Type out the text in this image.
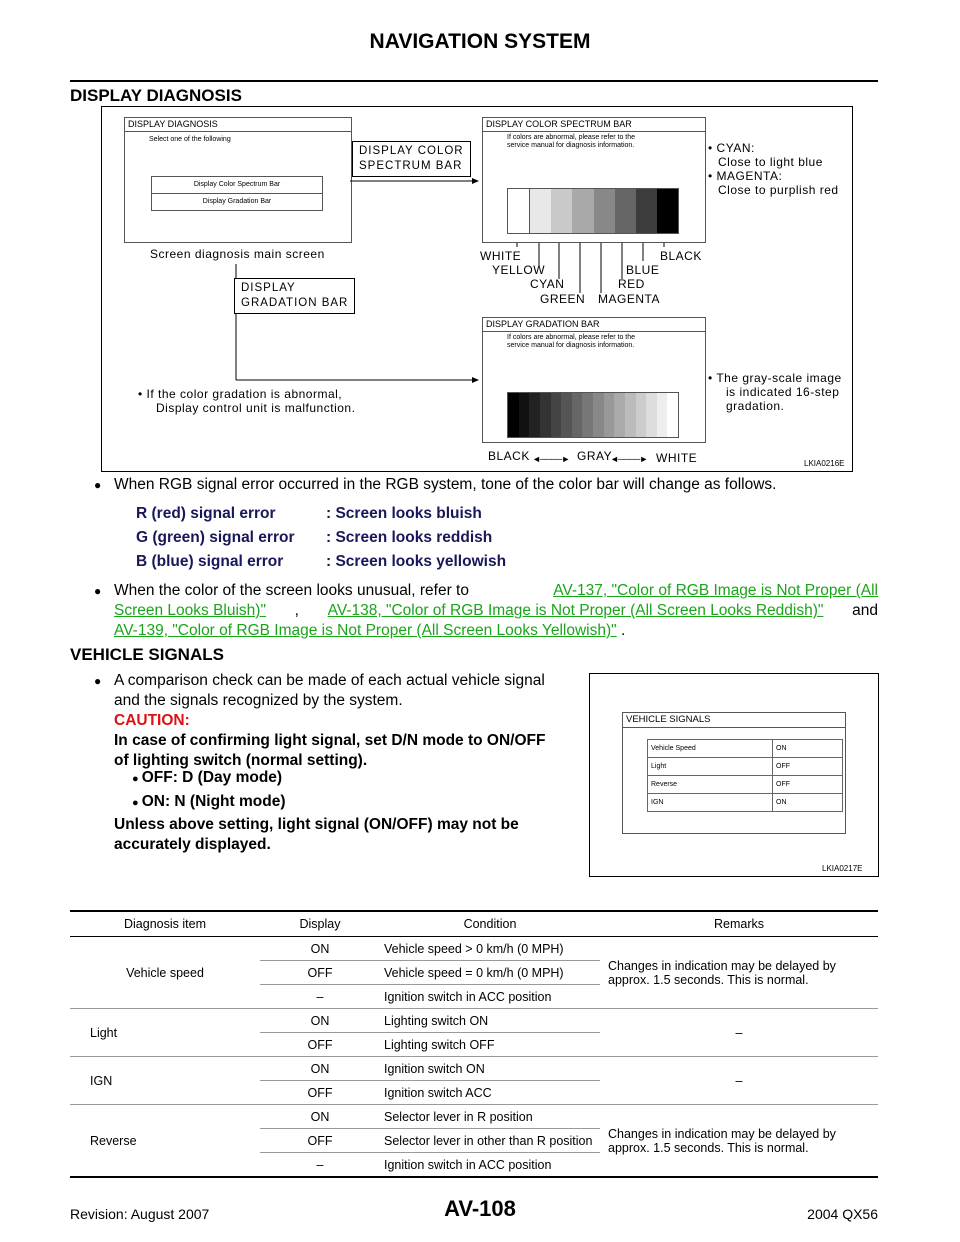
NAVIGATION SYSTEM
DISPLAY DIAGNOSIS
DISPLAY DIAGNOSIS
Select one of the following
Display Color Spectrum Bar
Display Gradation Bar
Screen diagnosis main screen
DISPLAY COLOR
SPECTRUM BAR
DISPLAY
GRADATION BAR
DISPLAY COLOR SPECTRUM BAR
If colors are abnormal, please refer to the
service manual for diagnosis information.
WHITE
YELLOW
CYAN
GREEN MAGENTA
RED
BLUE
BLACK
• CYAN:
Close to light blue
• MAGENTA:
Close to purplish red
DISPLAY GRADATION BAR
If colors are abnormal, please refer to the
service manual for diagnosis information.
• If the color gradation is abnormal,
Display control unit is malfunction.
• The gray-scale image
is indicated 16-step
gradation.
BLACK ◄────► GRAY
◄────► WHITE	LKIA0216E
● When RGB signal error occurred in the RGB system, tone of the color bar will change as follows.
R (red) signal error	: Screen looks bluish
G (green) signal error	: Screen looks reddish
B (blue) signal error	: Screen looks yellowish
● When the color of the screen looks unusual, refer to	AV-137, "Color of RGB Image is Not Proper (All
Screen Looks Bluish)" , AV-138, "Color of RGB Image is Not Proper (All Screen Looks Reddish)" and
AV-139, "Color of RGB Image is Not Proper (All Screen Looks Yellowish)" .
VEHICLE SIGNALS
● A comparison check can be made of each actual vehicle signal
and the signals recognized by the system.
CAUTION:
In case of confirming light signal, set D/N mode to ON/OFF
of lighting switch (normal setting).
● OFF: D (Day mode)
● ON: N (Night mode)
Unless above setting, light signal (ON/OFF) may not be
accurately displayed.
VEHICLE SIGNALS
Vehicle Speed	ON
Light	OFF
Reverse	OFF
IGN	ON
LKIA0217E
Diagnosis item	Display	Condition	Remarks
Vehicle speed	ON	Vehicle speed > 0 km/h (0 MPH)	Changes in indication may be delayed by
approx. 1.5 seconds. This is normal.

	OFF	Vehicle speed = 0 km/h (0 MPH)	
	–	Ignition switch in ACC position	
Light	ON	Lighting switch ON	–
	OFF	Lighting switch OFF	
IGN	ON	Ignition switch ON	–
	OFF	Ignition switch ACC	
Reverse	ON	Selector lever in R position	Changes in indication may be delayed by
approx. 1.5 seconds. This is normal.

	OFF	Selector lever in other than R position	
	–	Ignition switch in ACC position	
Revision: August 2007	AV-108	2004 QX56
